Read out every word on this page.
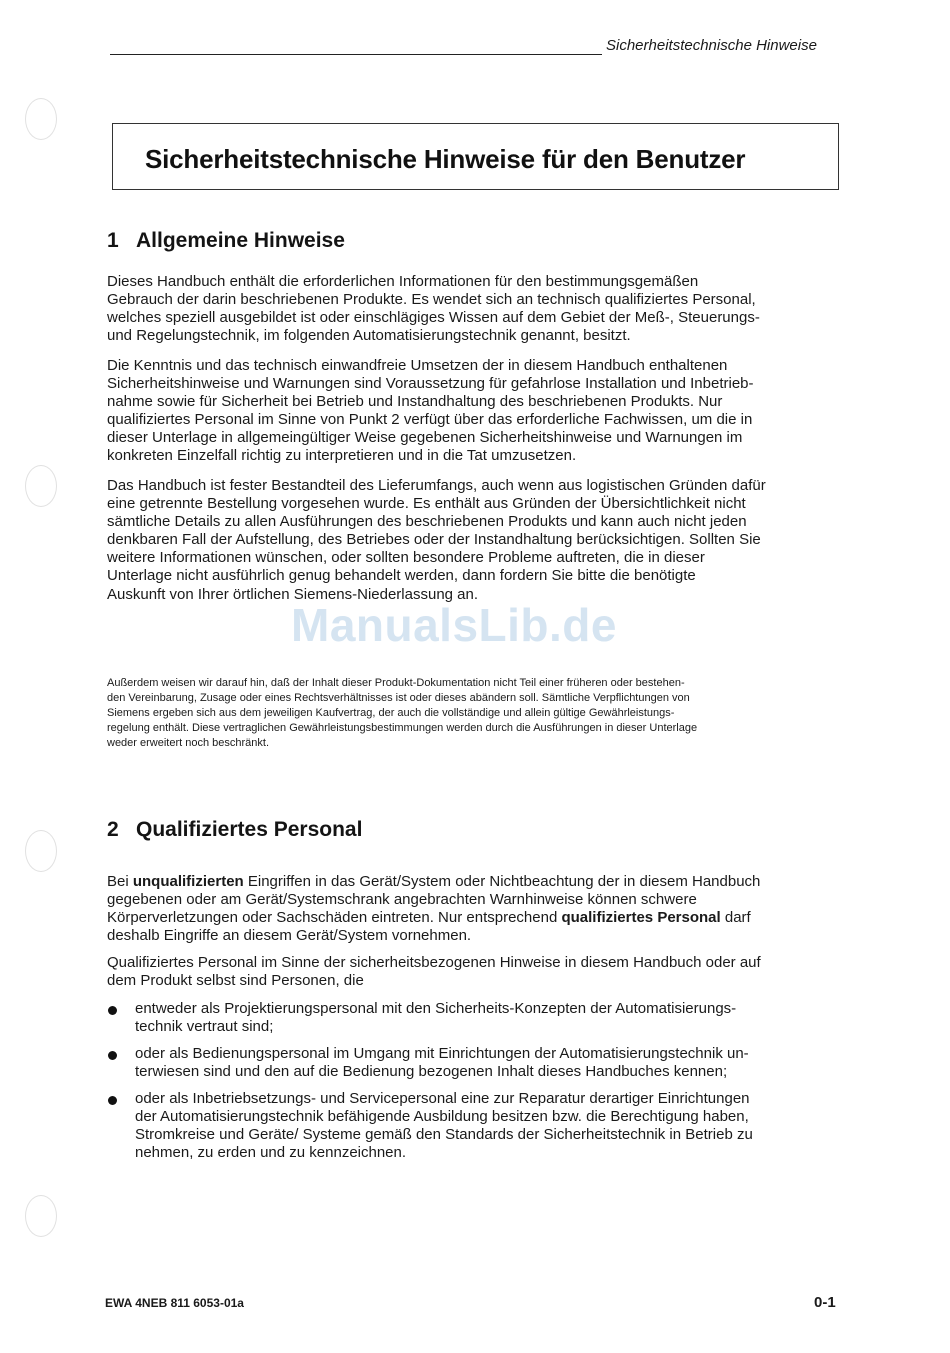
Sicherheitstechnische Hinweise
Sicherheitstechnische Hinweise für den Benutzer
1 Allgemeine Hinweise
Dieses Handbuch enthält die erforderlichen Informationen für den bestimmungsgemäßen
Gebrauch der darin beschriebenen Produkte. Es wendet sich an technisch qualifiziertes Personal,
welches speziell ausgebildet ist oder einschlägiges Wissen auf dem Gebiet der Meß-, Steuerungs-
und Regelungstechnik, im folgenden Automatisierungstechnik genannt, besitzt.
Die Kenntnis und das technisch einwandfreie Umsetzen der in diesem Handbuch enthaltenen
Sicherheitshinweise und Warnungen sind Voraussetzung für gefahrlose Installation und Inbetrieb-
nahme sowie für Sicherheit bei Betrieb und Instandhaltung des beschriebenen Produkts. Nur
qualifiziertes Personal im Sinne von Punkt 2 verfügt über das erforderliche Fachwissen, um die in
dieser Unterlage in allgemeingültiger Weise gegebenen Sicherheitshinweise und Warnungen im
konkreten Einzelfall richtig zu interpretieren und in die Tat umzusetzen.
Das Handbuch ist fester Bestandteil des Lieferumfangs, auch wenn aus logistischen Gründen dafür
eine getrennte Bestellung vorgesehen wurde. Es enthält aus Gründen der Übersichtlichkeit nicht
sämtliche Details zu allen Ausführungen des beschriebenen Produkts und kann auch nicht jeden
denkbaren Fall der Aufstellung, des Betriebes oder der Instandhaltung berücksichtigen. Sollten Sie
weitere Informationen wünschen, oder sollten besondere Probleme auftreten, die in dieser
Unterlage nicht ausführlich genug behandelt werden, dann fordern Sie bitte die benötigte
Auskunft von Ihrer örtlichen Siemens-Niederlassung an.
ManualsLib.de
Außerdem weisen wir darauf hin, daß der Inhalt dieser Produkt-Dokumentation nicht Teil einer früheren oder bestehen-
den Vereinbarung, Zusage oder eines Rechtsverhältnisses ist oder dieses abändern soll. Sämtliche Verpflichtungen von
Siemens ergeben sich aus dem jeweiligen Kaufvertrag, der auch die vollständige und allein gültige Gewährleistungs-
regelung enthält. Diese vertraglichen Gewährleistungsbestimmungen werden durch die Ausführungen in dieser Unterlage
weder erweitert noch beschränkt.
2 Qualifiziertes Personal
Bei unqualifizierten Eingriffen in das Gerät/System oder Nichtbeachtung der in diesem Handbuch
gegebenen oder am Gerät/Systemschrank angebrachten Warnhinweise können schwere
Körperverletzungen oder Sachschäden eintreten. Nur entsprechend qualifiziertes Personal darf
deshalb Eingriffe an diesem Gerät/System vornehmen.
Qualifiziertes Personal im Sinne der sicherheitsbezogenen Hinweise in diesem Handbuch oder auf
dem Produkt selbst sind Personen, die
entweder als Projektierungspersonal mit den Sicherheits-Konzepten der Automatisierungs-
technik vertraut sind;
oder als Bedienungspersonal im Umgang mit Einrichtungen der Automatisierungstechnik un-
terwiesen sind und den auf die Bedienung bezogenen Inhalt dieses Handbuches kennen;
oder als Inbetriebsetzungs- und Servicepersonal eine zur Reparatur derartiger Einrichtungen
der Automatisierungstechnik befähigende Ausbildung besitzen bzw. die Berechtigung haben,
Stromkreise und Geräte/ Systeme gemäß den Standards der Sicherheitstechnik in Betrieb zu
nehmen, zu erden und zu kennzeichnen.
EWA 4NEB 811 6053-01a	0-1
